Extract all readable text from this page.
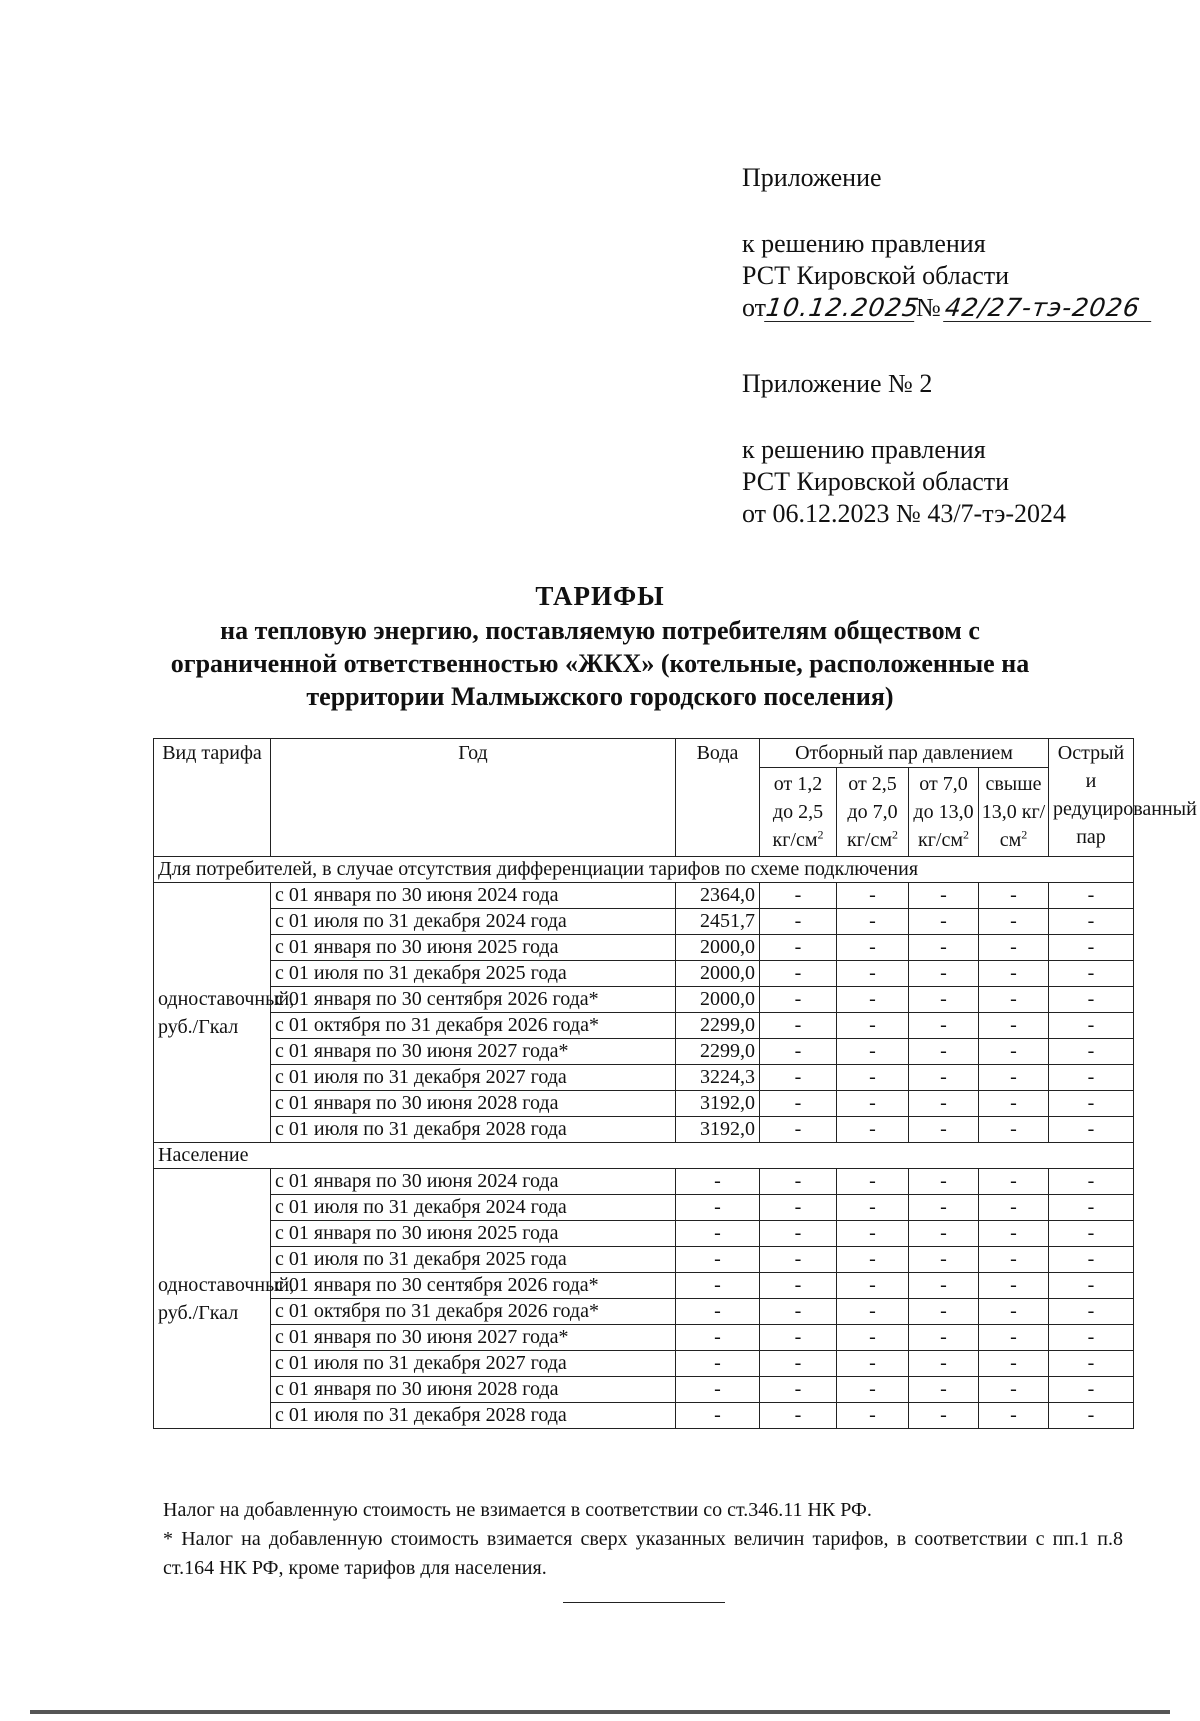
Приложение

к решению правления

РСТ Кировской области

от10.12.2025№42/27-тэ-2026

Приложение № 2

к решению правления

РСТ Кировской области

от 06.12.2023 № 43/7-тэ-2024

ТАРИФЫ
на тепловую энергию, поставляемую потребителям обществом с
ограниченной ответственностью «ЖКХ» (котельные, расположенные на
территории Малмыжского городского поселения)
Вид тарифа	Год	Вода	Отборный пар давлением				Острый и редуцированный пар
			от 1,2 до 2,5 $кг/см^2$	от 2,5 до 7,0 $кг/см^2$	от 7,0 до 13,0 $кг/см^2$	свыше 13,0 $кг/см^2$
Для потребителей, в случае отсутствия дифференциации тарифов по схеме подключения							
одноставочный, руб./Гкал	с 01 января по 30 июня 2024 года	2364,0	-	-	-	-	-
	с 01 июля по 31 декабря 2024 года	2451,7	-	-	-	-	-
	с 01 января по 30 июня 2025 года	2000,0	-	-	-	-	-
	с 01 июля по 31 декабря 2025 года	2000,0	-	-	-	-	-
	с 01 января по 30 сентября 2026 года*	2000,0	-	-	-	-	-
	с 01 октября по 31 декабря 2026 года*	2299,0	-	-	-	-	-
	с 01 января по 30 июня 2027 года*	2299,0	-	-	-	-	-
	с 01 июля по 31 декабря 2027 года	3224,3	-	-	-	-	-
	с 01 января по 30 июня 2028 года	3192,0	-	-	-	-	-
	с 01 июля по 31 декабря 2028 года	3192,0	-	-	-	-	-
Население							
одноставочный, руб./Гкал	с 01 января по 30 июня 2024 года	-	-	-	-	-	-
	с 01 июля по 31 декабря 2024 года	-	-	-	-	-	-
	с 01 января по 30 июня 2025 года	-	-	-	-	-	-
	с 01 июля по 31 декабря 2025 года	-	-	-	-	-	-
	с 01 января по 30 сентября 2026 года*	-	-	-	-	-	-
	с 01 октября по 31 декабря 2026 года*	-	-	-	-	-	-
	с 01 января по 30 июня 2027 года*	-	-	-	-	-	-
	с 01 июля по 31 декабря 2027 года	-	-	-	-	-	-
	с 01 января по 30 июня 2028 года	-	-	-	-	-	-
	с 01 июля по 31 декабря 2028 года	-	-	-	-	-	-

Налог на добавленную стоимость не взимается в соответствии со ст.346.11 НК РФ.

* Налог на добавленную стоимость взимается сверх указанных величин тарифов, в соответствии с пп.1 п.8 ст.164 НК РФ, кроме тарифов для населения.
